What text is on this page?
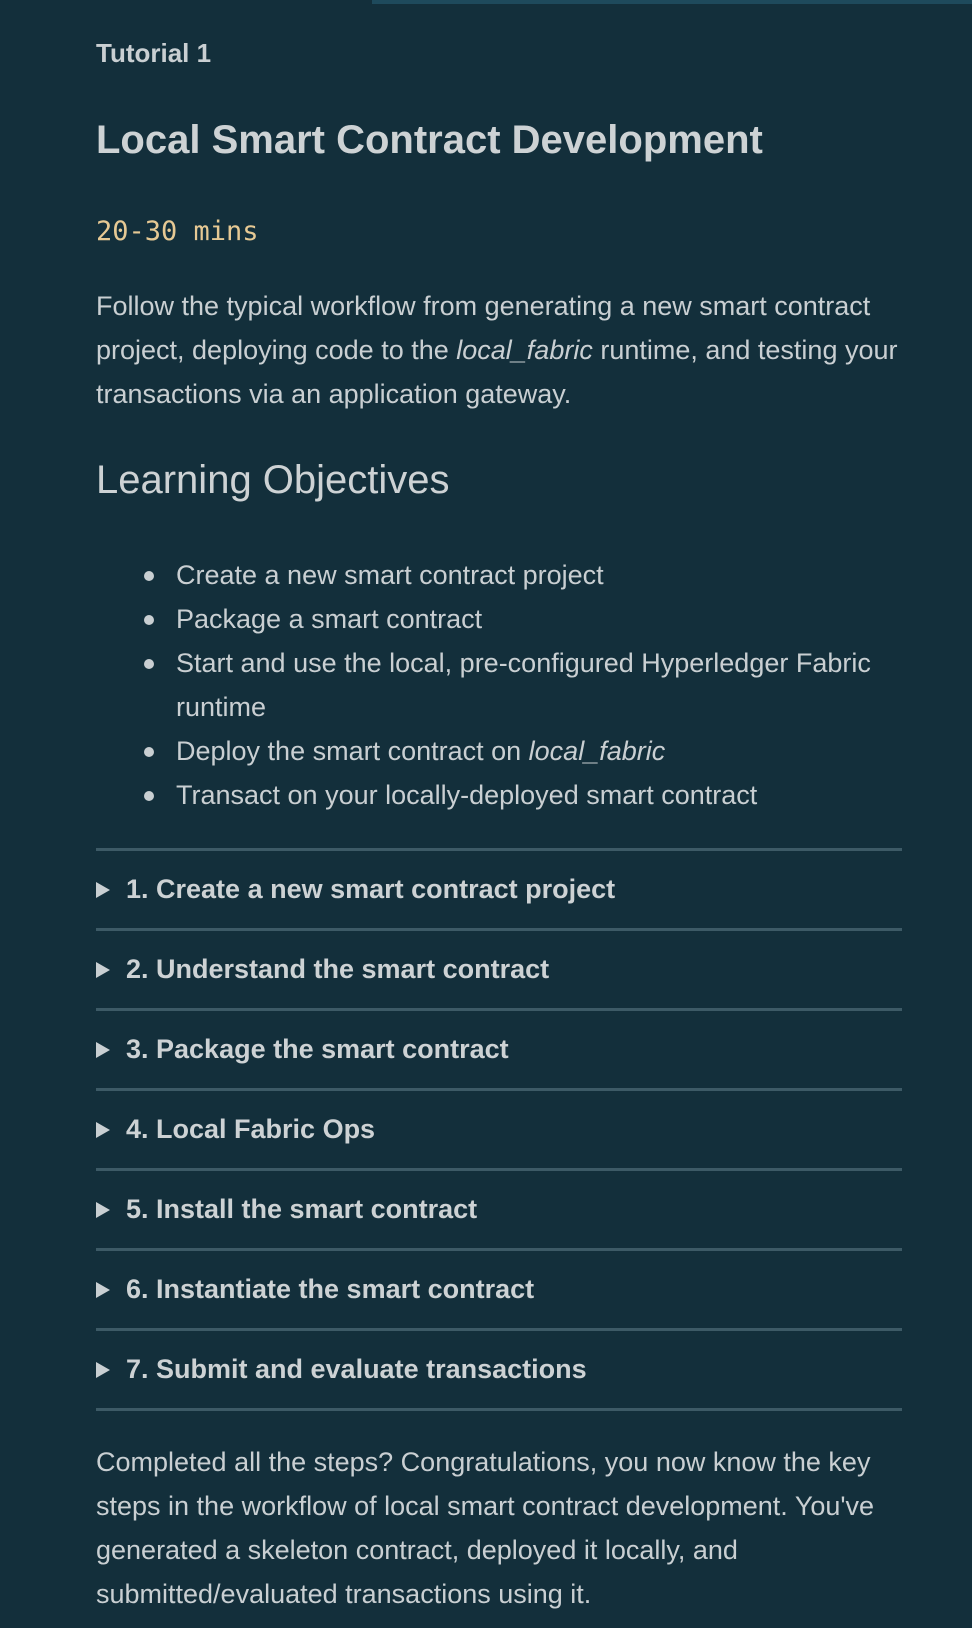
Tutorial 1
Local Smart Contract Development
20-30 mins

Follow the typical workflow from generating a new smart contract project, deploying code to the local_fabric runtime, and testing your transactions via an application gateway.

Learning Objectives
Create a new smart contract project
Package a smart contract
Start and use the local, pre-configured Hyperledger Fabric runtime
Deploy the smart contract on local_fabric
Transact on your locally-deployed smart contract
1. Create a new smart contract project
2. Understand the smart contract
3. Package the smart contract
4. Local Fabric Ops
5. Install the smart contract
6. Instantiate the smart contract
7. Submit and evaluate transactions

Completed all the steps? Congratulations, you now know the key steps in the workflow of local smart contract development. You've generated a skeleton contract, deployed it locally, and submitted/evaluated transactions using it.
